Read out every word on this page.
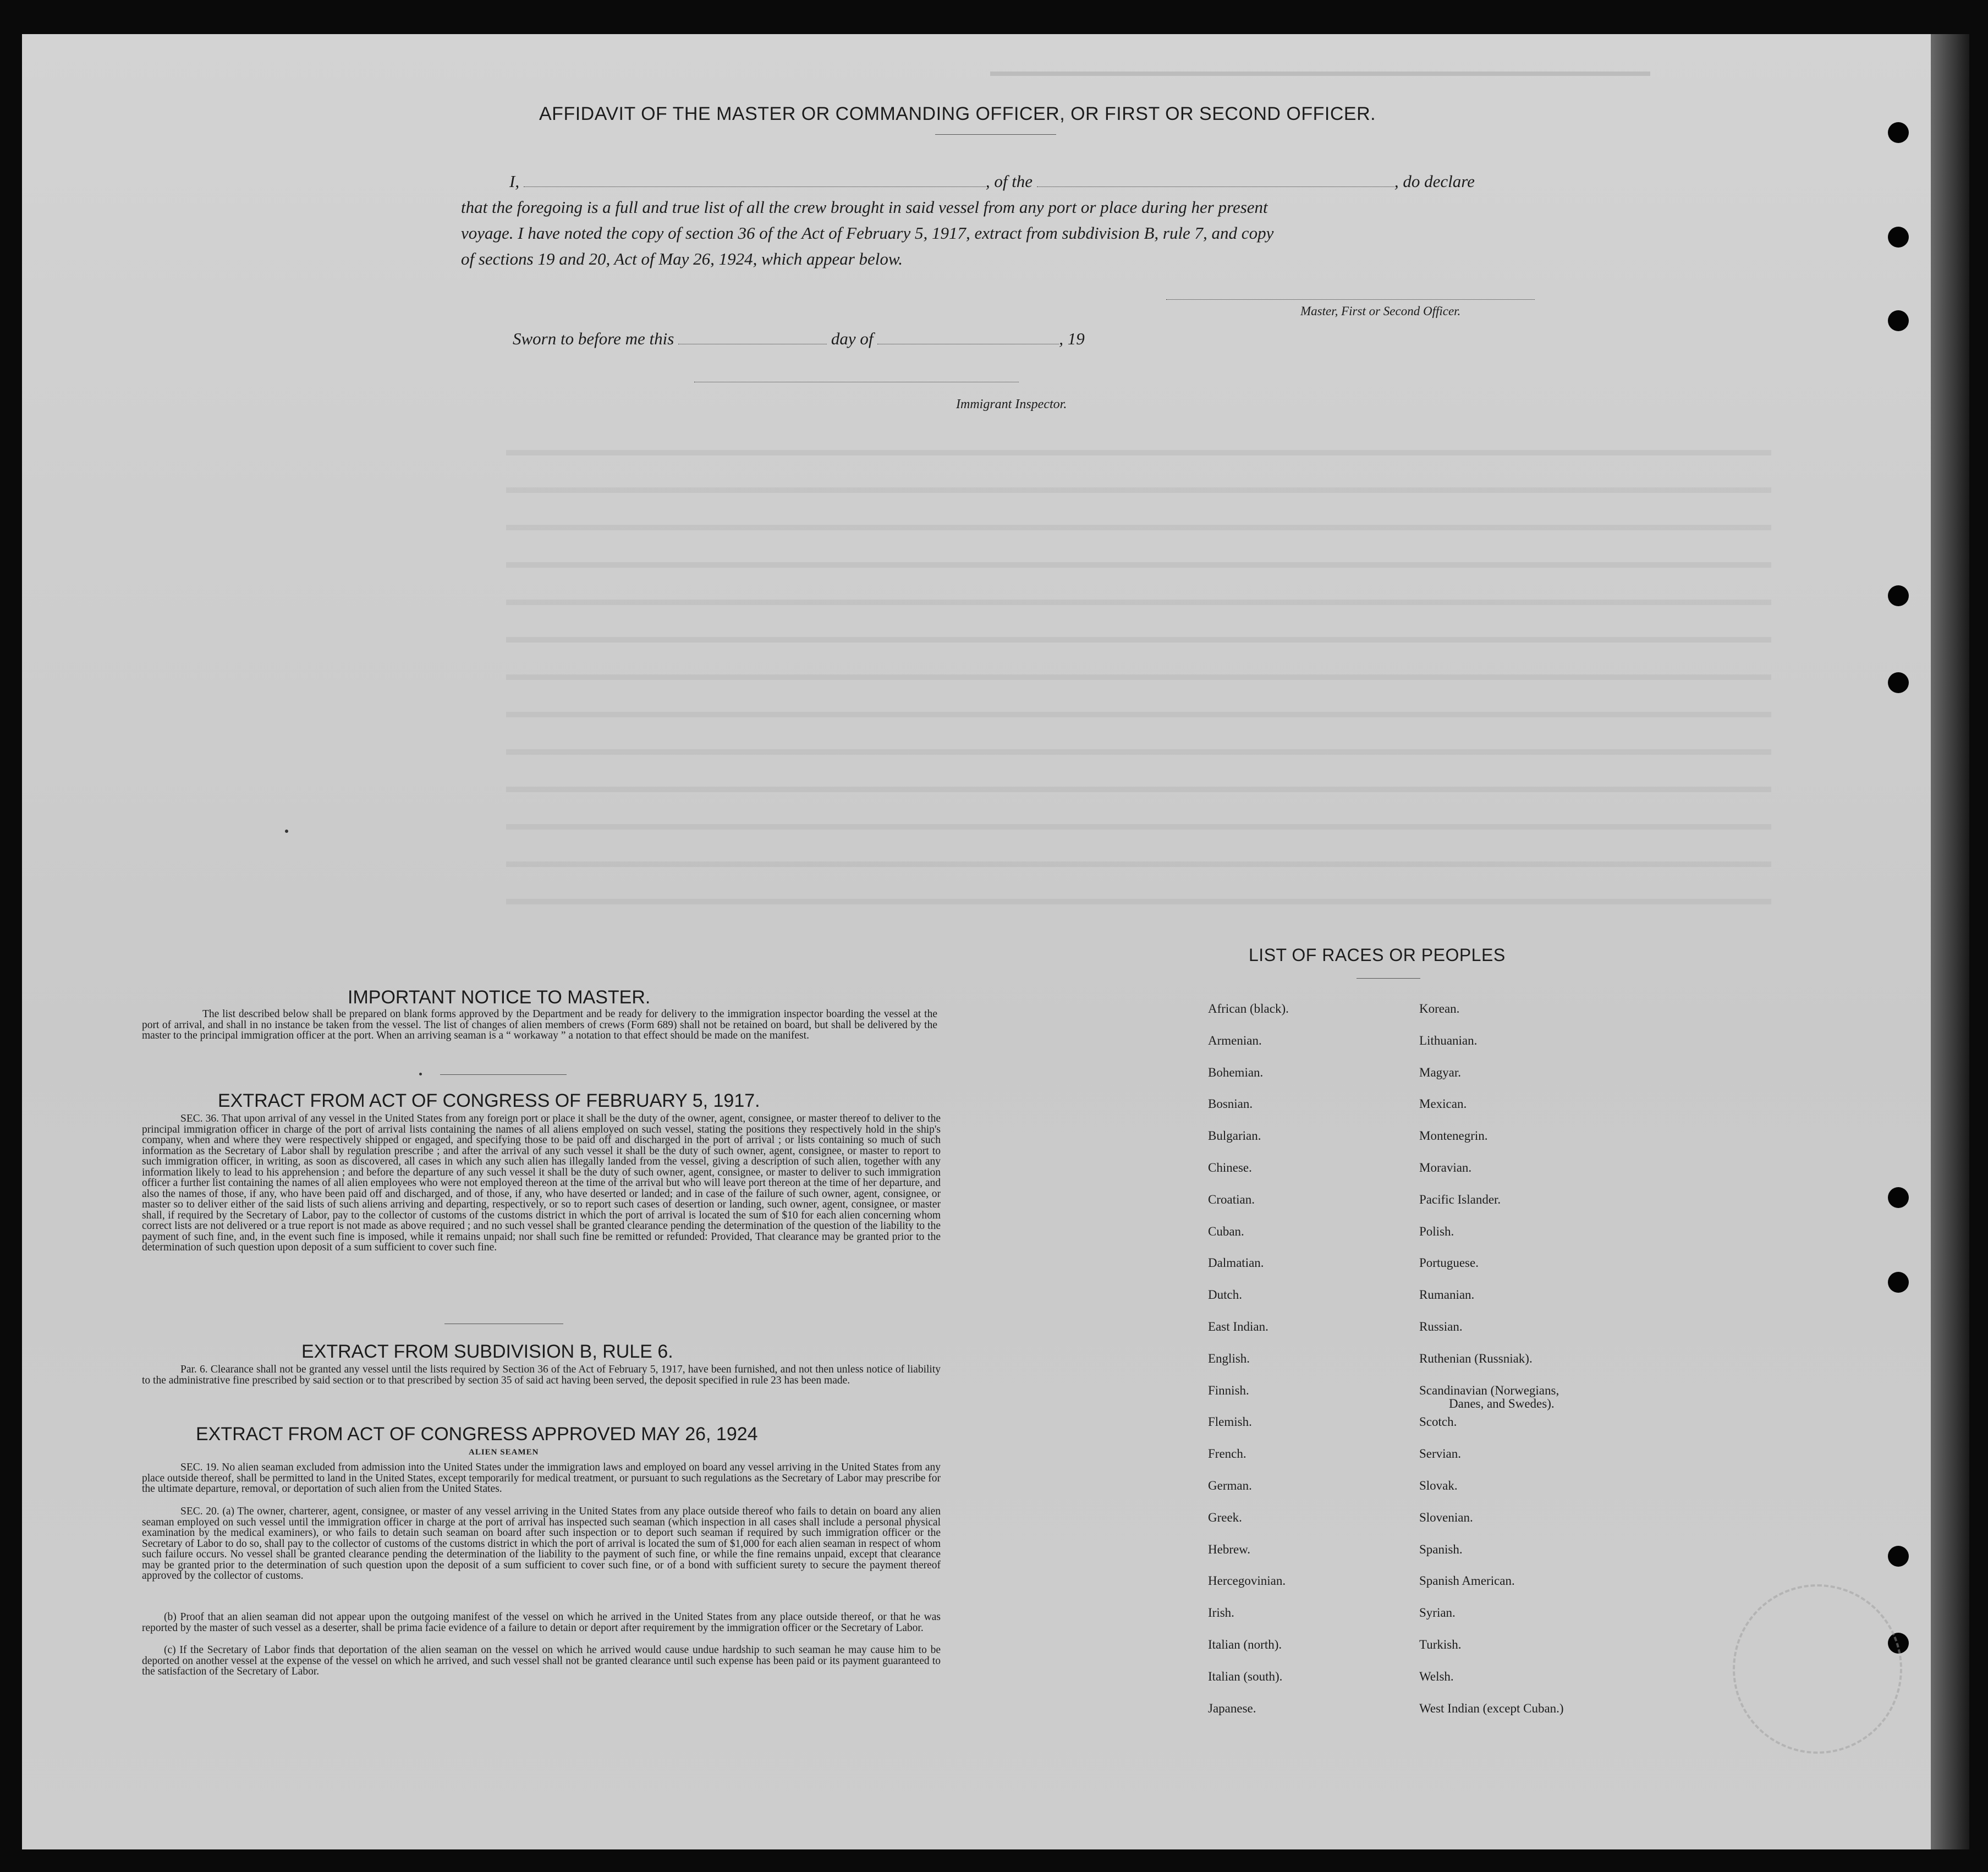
AFFIDAVIT OF THE MASTER OR COMMANDING OFFICER, OR FIRST OR SECOND OFFICER.
I,	, of the	, do declare
that the foregoing is a full and true list of all the crew brought in said vessel from any port or place during her present
voyage. I have noted the copy of section 36 of the Act of February 5, 1917, extract from subdivision B, rule 7, and copy
of sections 19 and 20, Act of May 26, 1924, which appear below.
Master, First or Second Officer.
Sworn to before me this	day of	, 19
Immigrant Inspector.
IMPORTANT NOTICE TO MASTER.
The list described below shall be prepared on blank forms approved by the Department and be ready for delivery to the immigration inspector boarding the vessel at the port of arrival, and shall in no instance be taken from the vessel. The list of changes of alien members of crews (Form 689) shall not be retained on board, but shall be delivered by the master to the principal immigration officer at the port. When an arriving seaman is a “ workaway ” a notation to that effect should be made on the manifest.
EXTRACT FROM ACT OF CONGRESS OF FEBRUARY 5, 1917.
SEC. 36. That upon arrival of any vessel in the United States from any foreign port or place it shall be the duty of the owner, agent, consignee, or master thereof to deliver to the principal immigration officer in charge of the port of arrival lists containing the names of all aliens employed on such vessel, stating the positions they respectively hold in the ship's company, when and where they were respectively shipped or engaged, and specifying those to be paid off and discharged in the port of arrival ; or lists containing so much of such information as the Secretary of Labor shall by regulation prescribe ; and after the arrival of any such vessel it shall be the duty of such owner, agent, consignee, or master to report to such immigration officer, in writing, as soon as discovered, all cases in which any such alien has illegally landed from the vessel, giving a description of such alien, together with any information likely to lead to his apprehension ; and before the departure of any such vessel it shall be the duty of such owner, agent, consignee, or master to deliver to such immigration officer a further list containing the names of all alien employees who were not employed thereon at the time of the arrival but who will leave port thereon at the time of her departure, and also the names of those, if any, who have been paid off and discharged, and of those, if any, who have deserted or landed; and in case of the failure of such owner, agent, consignee, or master so to deliver either of the said lists of such aliens arriving and departing, respectively, or so to report such cases of desertion or landing, such owner, agent, consignee, or master shall, if required by the Secretary of Labor, pay to the collector of customs of the customs district in which the port of arrival is located the sum of $10 for each alien concerning whom correct lists are not delivered or a true report is not made as above required ; and no such vessel shall be granted clearance pending the determination of the question of the liability to the payment of such fine, and, in the event such fine is imposed, while it remains unpaid; nor shall such fine be remitted or refunded: Provided, That clearance may be granted prior to the determination of such question upon deposit of a sum sufficient to cover such fine.
EXTRACT FROM SUBDIVISION B, RULE 6.
Par. 6. Clearance shall not be granted any vessel until the lists required by Section 36 of the Act of February 5, 1917, have been furnished, and not then unless notice of liability to the administrative fine prescribed by said section or to that prescribed by section 35 of said act having been served, the deposit specified in rule 23 has been made.
EXTRACT FROM ACT OF CONGRESS APPROVED MAY 26, 1924
ALIEN SEAMEN
SEC. 19. No alien seaman excluded from admission into the United States under the immigration laws and employed on board any vessel arriving in the United States from any place outside thereof, shall be permitted to land in the United States, except temporarily for medical treatment, or pursuant to such regulations as the Secretary of Labor may prescribe for the ultimate departure, removal, or deportation of such alien from the United States.
SEC. 20. (a) The owner, charterer, agent, consignee, or master of any vessel arriving in the United States from any place outside thereof who fails to detain on board any alien seaman employed on such vessel until the immigration officer in charge at the port of arrival has inspected such seaman (which inspection in all cases shall include a personal physical examination by the medical examiners), or who fails to detain such seaman on board after such inspection or to deport such seaman if required by such immigration officer or the Secretary of Labor to do so, shall pay to the collector of customs of the customs district in which the port of arrival is located the sum of $1,000 for each alien seaman in respect of whom such failure occurs. No vessel shall be granted clearance pending the determination of the liability to the payment of such fine, or while the fine remains unpaid, except that clearance may be granted prior to the determination of such question upon the deposit of a sum sufficient to cover such fine, or of a bond with sufficient surety to secure the payment thereof approved by the collector of customs.
(b) Proof that an alien seaman did not appear upon the outgoing manifest of the vessel on which he arrived in the United States from any place outside thereof, or that he was reported by the master of such vessel as a deserter, shall be prima facie evidence of a failure to detain or deport after requirement by the immigration officer or the Secretary of Labor.
(c) If the Secretary of Labor finds that deportation of the alien seaman on the vessel on which he arrived would cause undue hardship to such seaman he may cause him to be deported on another vessel at the expense of the vessel on which he arrived, and such vessel shall not be granted clearance until such expense has been paid or its payment guaranteed to the satisfaction of the Secretary of Labor.
LIST OF RACES OR PEOPLES
African (black).
Armenian.
Bohemian.
Bosnian.
Bulgarian.
Chinese.
Croatian.
Cuban.
Dalmatian.
Dutch.
East Indian.
English.
Finnish.
Flemish.
French.
German.
Greek.
Hebrew.
Hercegovinian.
Irish.
Italian (north).
Italian (south).
Japanese.
Korean.
Lithuanian.
Magyar.
Mexican.
Montenegrin.
Moravian.
Pacific Islander.
Polish.
Portuguese.
Rumanian.
Russian.
Ruthenian (Russniak).
Scandinavian (Norwegians,
Danes, and Swedes).
Scotch.
Servian.
Slovak.
Slovenian.
Spanish.
Spanish American.
Syrian.
Turkish.
Welsh.
West Indian (except Cuban.)
